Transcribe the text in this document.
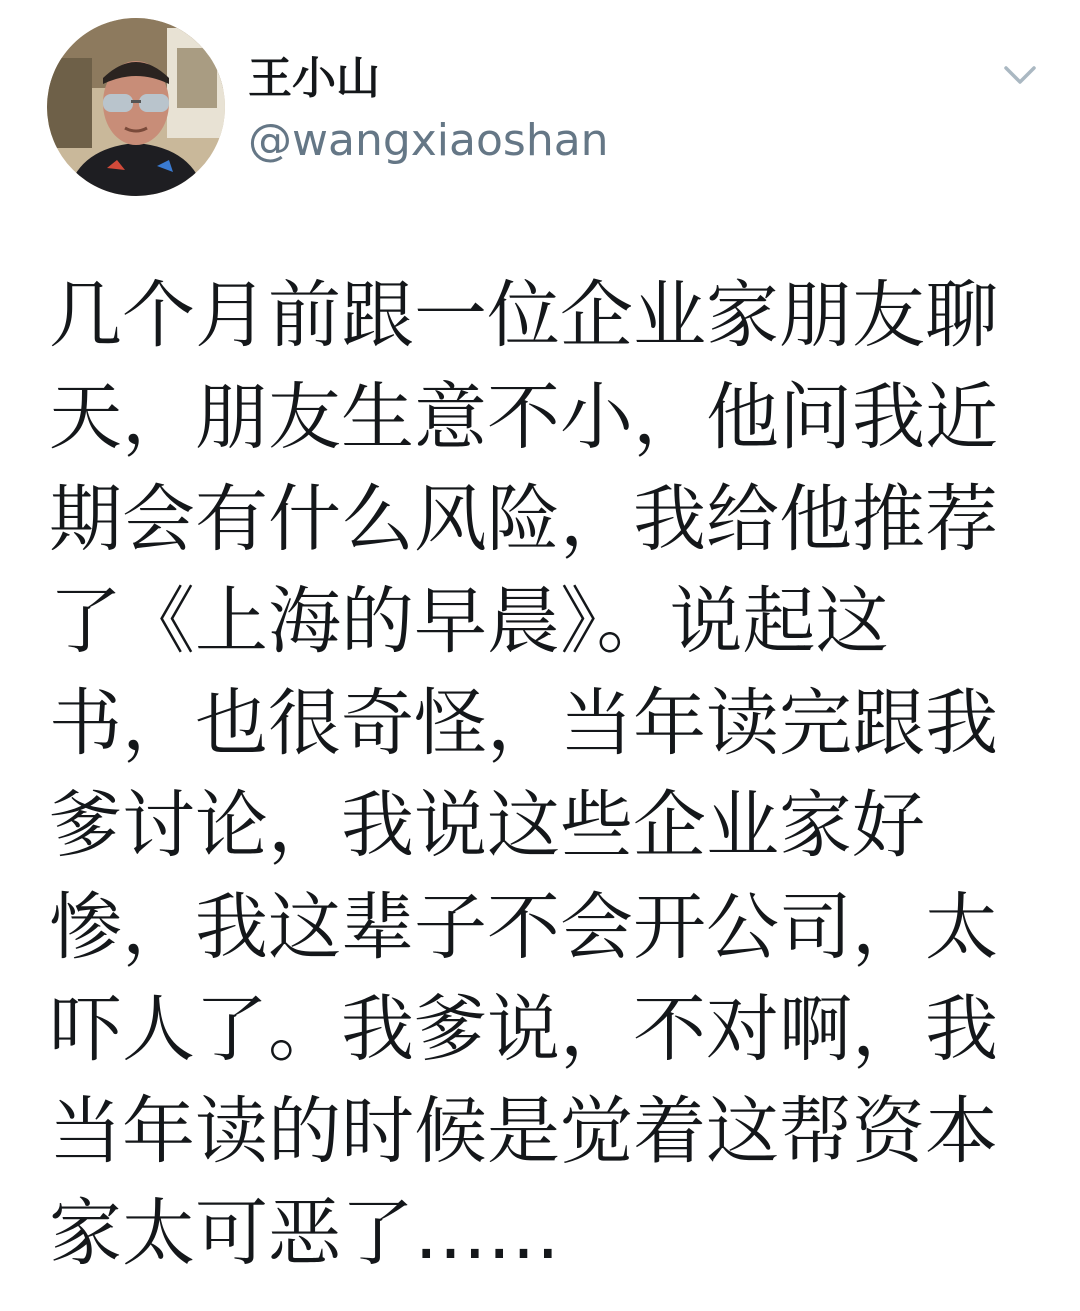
王小山
@wangxiaoshan

几个月前跟一位企业家朋友聊天，朋友生意不小，他问我近期会有什么风险，我给他推荐了《上海的早晨》。说起这
书，也很奇怪，当年读完跟我爹讨论，我说这些企业家好
惨，我这辈子不会开公司，太吓人了。我爹说，不对啊，我当年读的时候是觉着这帮资本家太可恶了……
